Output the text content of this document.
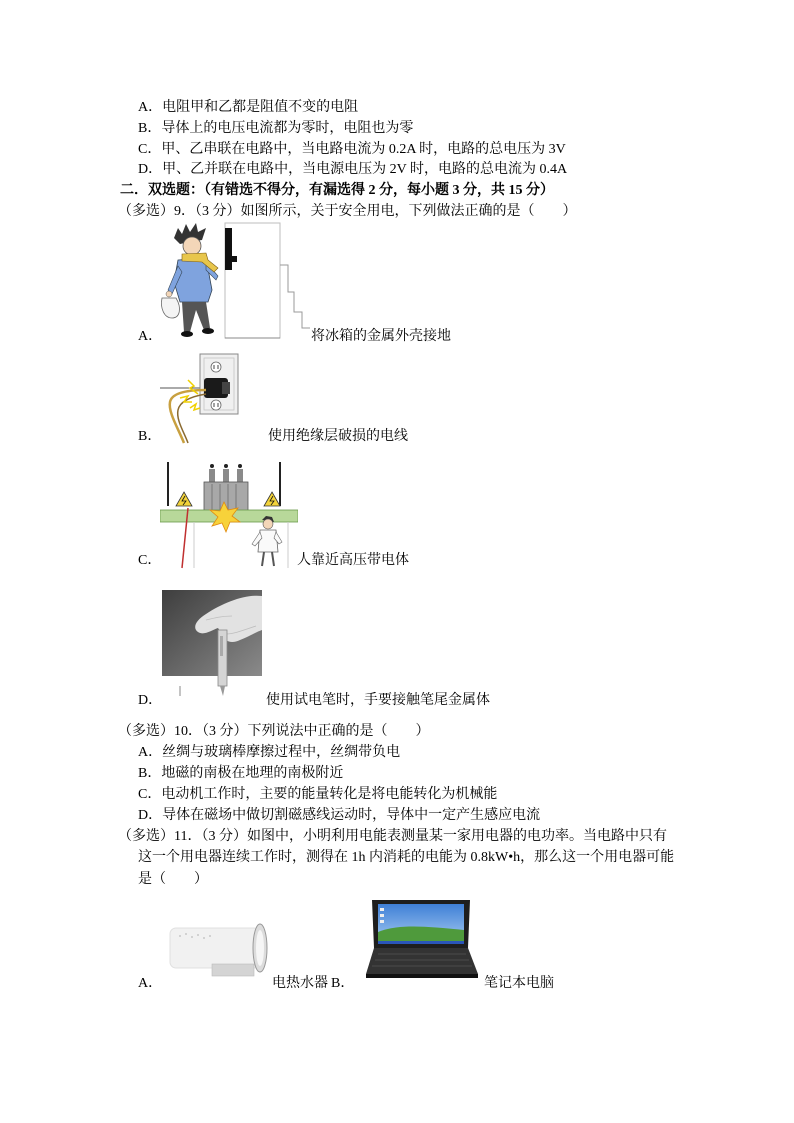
A．电阻甲和乙都是阻值不变的电阻
B．导体上的电压电流都为零时，电阻也为零
C．甲、乙串联在电路中，当电路电流为 0.2A 时，电路的总电压为 3V
D．甲、乙并联在电路中，当电源电压为 2V 时，电路的总电流为 0.4A
二．双选题：（有错选不得分，有漏选得 2 分，每小题 3 分，共 15 分）
（多选）9．（3 分）如图所示，关于安全用电，下列做法正确的是（　　）
A．	将冰箱的金属外壳接地
B．	使用绝缘层破损的电线
C．	人靠近高压带电体
D．	使用试电笔时，手要接触笔尾金属体
（多选）10．（3 分）下列说法中正确的是（　　）
A．丝绸与玻璃棒摩擦过程中，丝绸带负电
B．地磁的南极在地理的南极附近
C．电动机工作时，主要的能量转化是将电能转化为机械能
D．导体在磁场中做切割磁感线运动时，导体中一定产生感应电流
（多选）11．（3 分）如图中，小明利用电能表测量某一家用电器的电功率。当电路中只有
这一个用电器连续工作时，测得在 1h 内消耗的电能为 0.8kW•h，那么这一个用电器可能
是（　　）
A．	电热水器 B．	笔记本电脑
